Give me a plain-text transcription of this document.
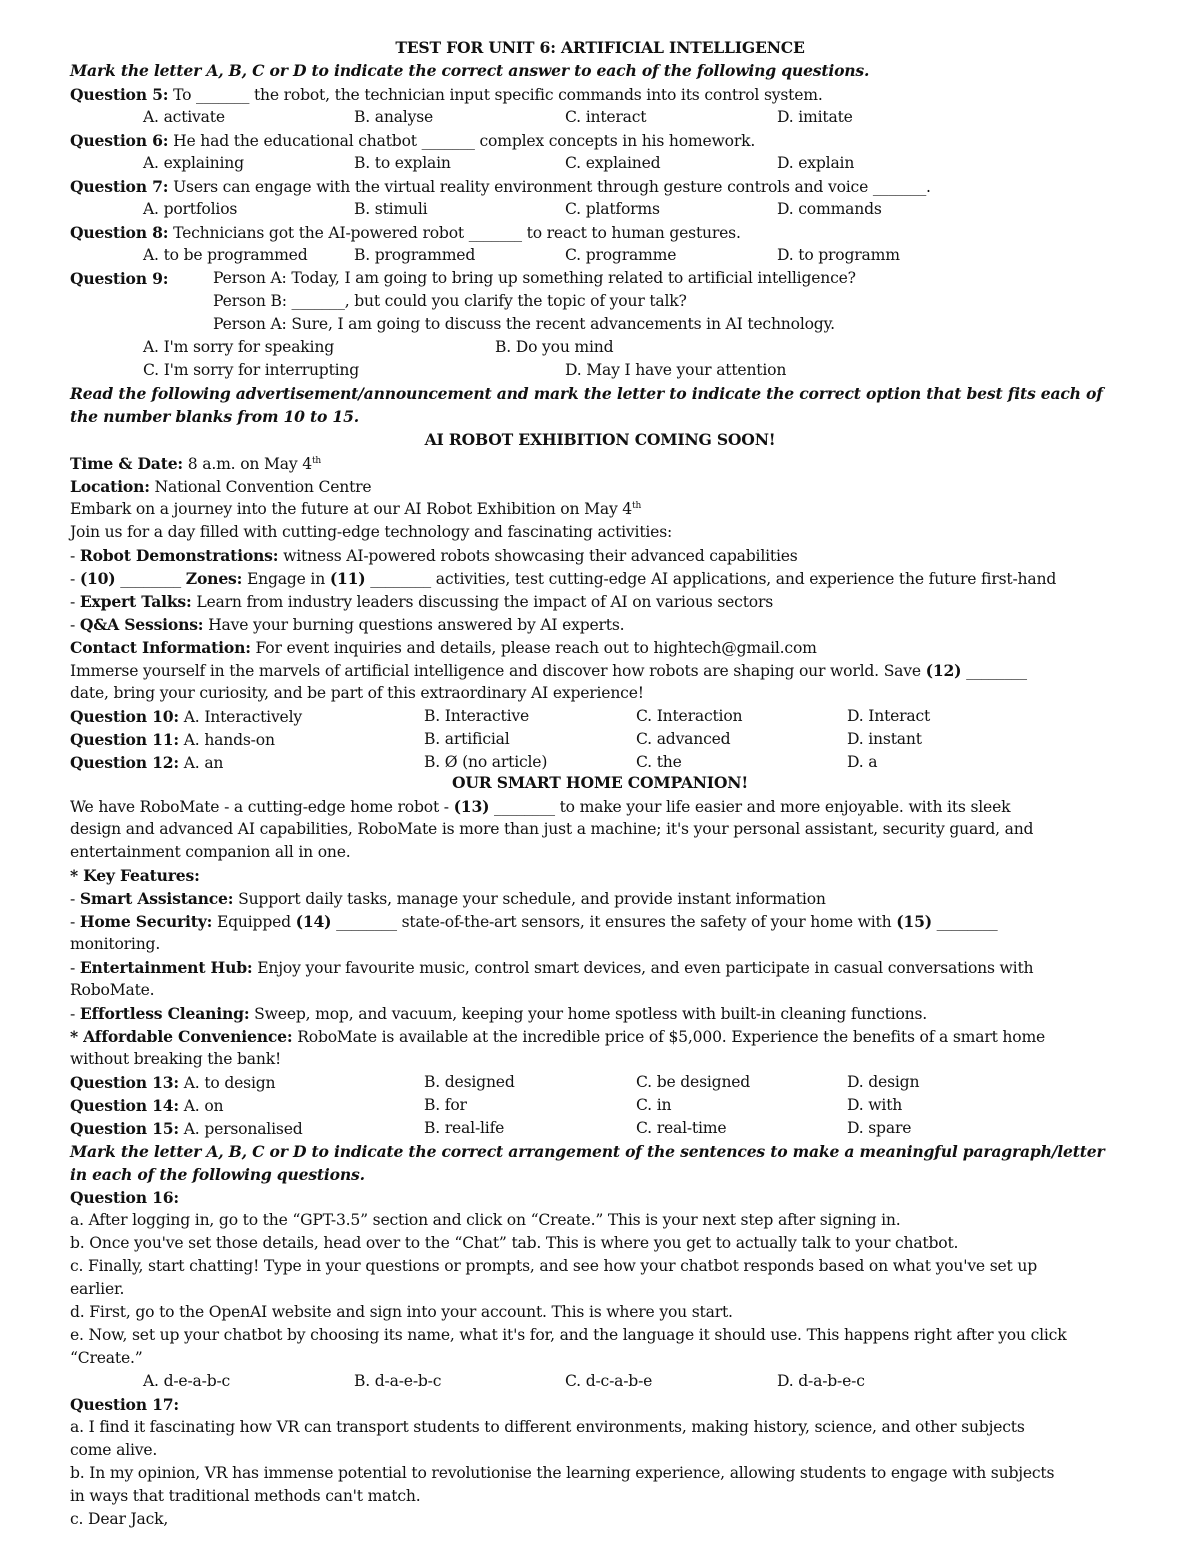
TEST FOR UNIT 6: ARTIFICIAL INTELLIGENCE
Mark the letter A, B, C or D to indicate the correct answer to each of the following questions.
Question 5: To _______ the robot, the technician input specific commands into its control system.
A. activate	B. analyse	C. interact	D. imitate
Question 6: He had the educational chatbot _______ complex concepts in his homework.
A. explaining	B. to explain	C. explained	D. explain
Question 7: Users can engage with the virtual reality environment through gesture controls and voice _______.
A. portfolios	B. stimuli	C. platforms	D. commands
Question 8: Technicians got the AI-powered robot _______ to react to human gestures.
A. to be programmed	B. programmed	C. programme	D. to programm
Question 9:	Person A: Today, I am going to bring up something related to artificial intelligence?
Person B: _______, but could you clarify the topic of your talk?
Person A: Sure, I am going to discuss the recent advancements in AI technology.
A. I'm sorry for speaking	B. Do you mind
C. I'm sorry for interrupting	D. May I have your attention
Read the following advertisement/announcement and mark the letter to indicate the correct option that best fits each of
the number blanks from 10 to 15.
AI ROBOT EXHIBITION COMING SOON!
Time & Date: 8 a.m. on May 4th
Location: National Convention Centre
Embark on a journey into the future at our AI Robot Exhibition on May 4th
Join us for a day filled with cutting-edge technology and fascinating activities:
- Robot Demonstrations: witness AI-powered robots showcasing their advanced capabilities
- (10) ________ Zones: Engage in (11) ________ activities, test cutting-edge AI applications, and experience the future first-hand
- Expert Talks: Learn from industry leaders discussing the impact of AI on various sectors
- Q&A Sessions: Have your burning questions answered by AI experts.
Contact Information: For event inquiries and details, please reach out to hightech@gmail.com
Immerse yourself in the marvels of artificial intelligence and discover how robots are shaping our world. Save (12) ________
date, bring your curiosity, and be part of this extraordinary AI experience!
Question 10: A. Interactively	B. Interactive	C. Interaction	D. Interact
Question 11: A. hands-on	B. artificial	C. advanced	D. instant
Question 12: A. an	B. Ø (no article)	C. the	D. a
OUR SMART HOME COMPANION!
We have RoboMate - a cutting-edge home robot - (13) ________ to make your life easier and more enjoyable. with its sleek
design and advanced AI capabilities, RoboMate is more than just a machine; it's your personal assistant, security guard, and
entertainment companion all in one.
* Key Features:
- Smart Assistance: Support daily tasks, manage your schedule, and provide instant information
- Home Security: Equipped (14) ________ state-of-the-art sensors, it ensures the safety of your home with (15) ________
monitoring.
- Entertainment Hub: Enjoy your favourite music, control smart devices, and even participate in casual conversations with
RoboMate.
- Effortless Cleaning: Sweep, mop, and vacuum, keeping your home spotless with built-in cleaning functions.
* Affordable Convenience: RoboMate is available at the incredible price of $5,000. Experience the benefits of a smart home
without breaking the bank!
Question 13: A. to design	B. designed	C. be designed	D. design
Question 14: A. on	B. for	C. in	D. with
Question 15: A. personalised	B. real-life	C. real-time	D. spare
Mark the letter A, B, C or D to indicate the correct arrangement of the sentences to make a meaningful paragraph/letter
in each of the following questions.
Question 16:
a. After logging in, go to the “GPT-3.5” section and click on “Create.” This is your next step after signing in.
b. Once you've set those details, head over to the “Chat” tab. This is where you get to actually talk to your chatbot.
c. Finally, start chatting! Type in your questions or prompts, and see how your chatbot responds based on what you've set up
earlier.
d. First, go to the OpenAI website and sign into your account. This is where you start.
e. Now, set up your chatbot by choosing its name, what it's for, and the language it should use. This happens right after you click
“Create.”
A. d-e-a-b-c	B. d-a-e-b-c	C. d-c-a-b-e	D. d-a-b-e-c
Question 17:
a. I find it fascinating how VR can transport students to different environments, making history, science, and other subjects
come alive.
b. In my opinion, VR has immense potential to revolutionise the learning experience, allowing students to engage with subjects
in ways that traditional methods can't match.
c. Dear Jack,
